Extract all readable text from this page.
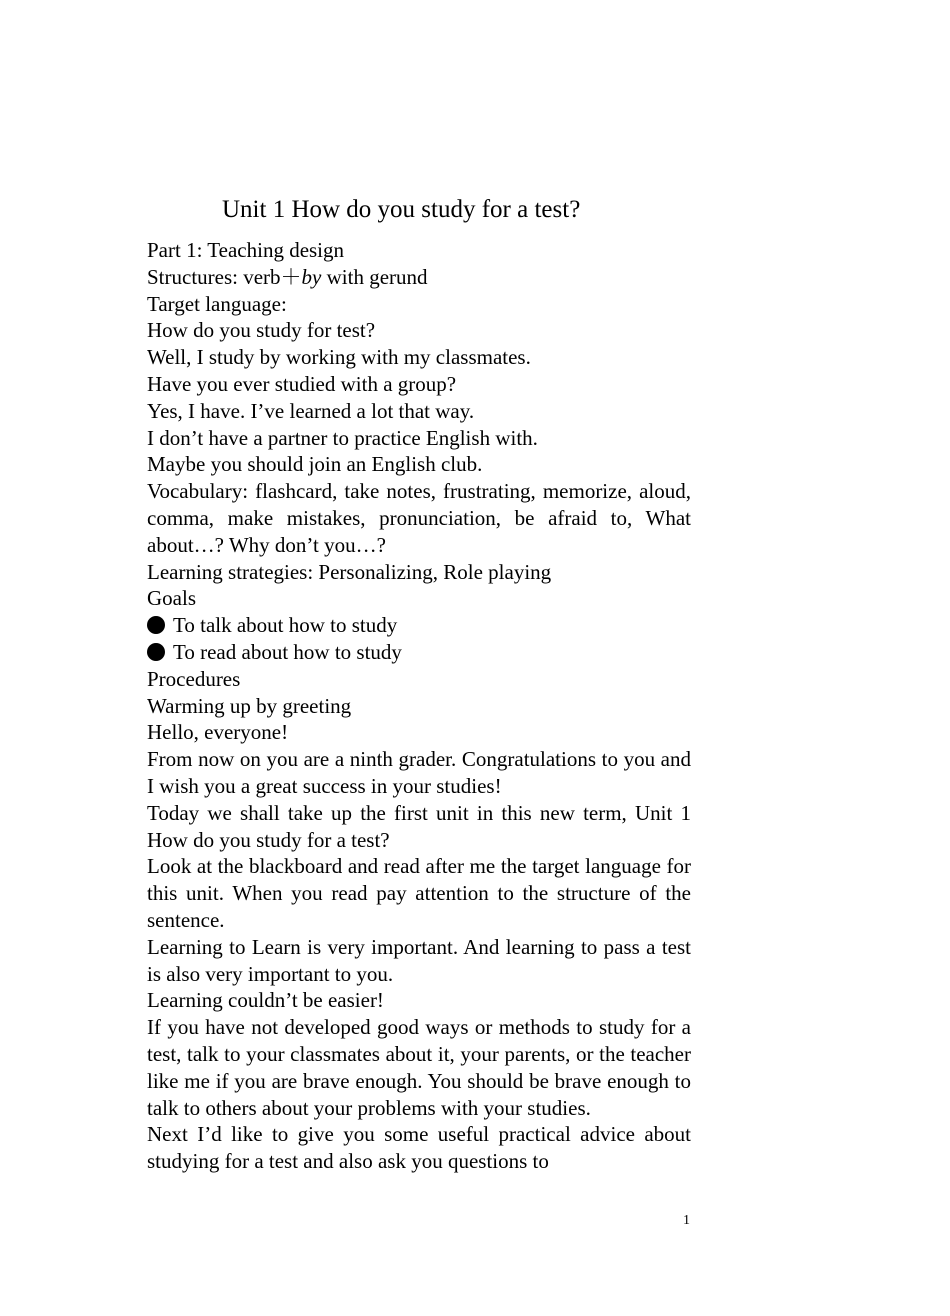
Unit 1 How do you study for a test?
Part 1: Teaching design
Structures: verb＋by with gerund
Target language:
How do you study for test?
Well, I study by working with my classmates.
Have you ever studied with a group?
Yes, I have. I’ve learned a lot that way.
I don’t have a partner to practice English with.
Maybe you should join an English club.
Vocabulary: flashcard, take notes, frustrating, memorize, aloud, comma, make mistakes, pronunciation, be afraid to, What about…? Why don’t you…?
Learning strategies: Personalizing, Role playing
Goals
To talk about how to study
To read about how to study
Procedures
Warming up by greeting
Hello, everyone!
From now on you are a ninth grader. Congratulations to you and I wish you a great success in your studies!
Today we shall take up the first unit in this new term, Unit 1 How do you study for a test?
Look at the blackboard and read after me the target language for this unit. When you read pay attention to the structure of the sentence.
Learning to Learn is very important. And learning to pass a test is also very important to you.
Learning couldn’t be easier!
If you have not developed good ways or methods to study for a test, talk to your classmates about it, your parents, or the teacher like me if you are brave enough. You should be brave enough to talk to others about your problems with your studies.
Next I’d like to give you some useful practical advice about studying for a test and also ask you questions to
1
